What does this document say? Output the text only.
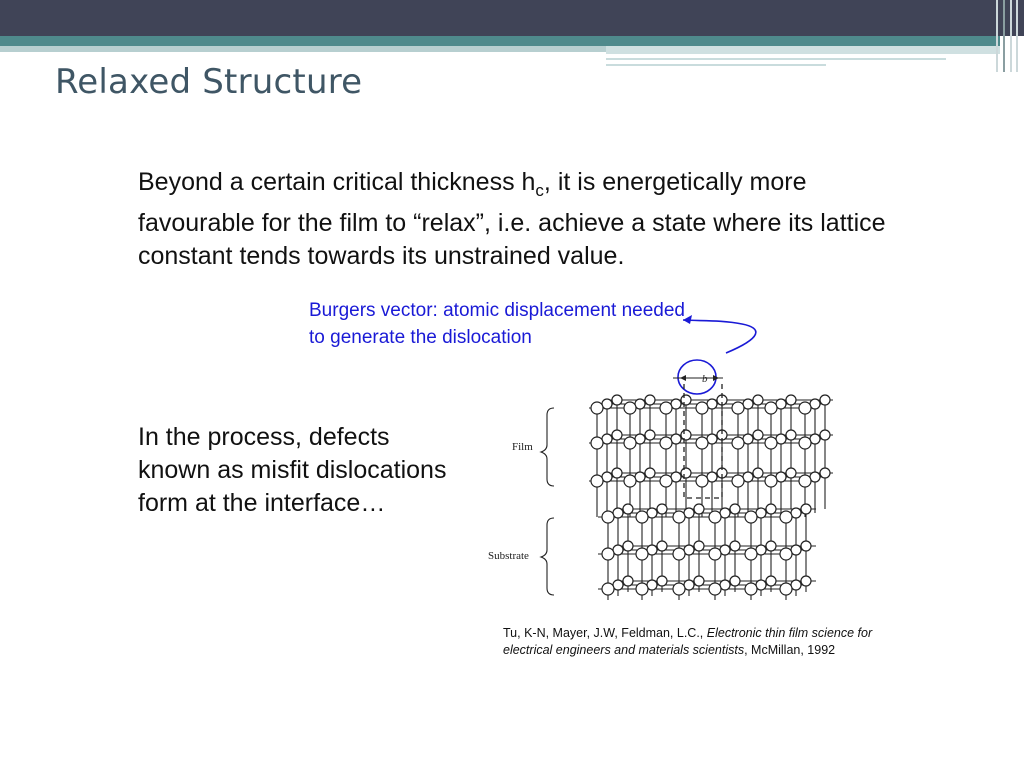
Relaxed Structure

Beyond a certain critical thickness $h_c$, it is energetically more favourable for the film to “relax”, i.e. achieve a state where its lattice constant tends towards its unstrained value.

Burgers vector: atomic displacement needed to generate the dislocation

In the process, defects known as misfit dislocations form at the interface…

b
Film
Substrate

Tu, K-N, Mayer, J.W, Feldman, L.C., Electronic thin film science for electrical engineers and materials scientists, McMillan, 1992
